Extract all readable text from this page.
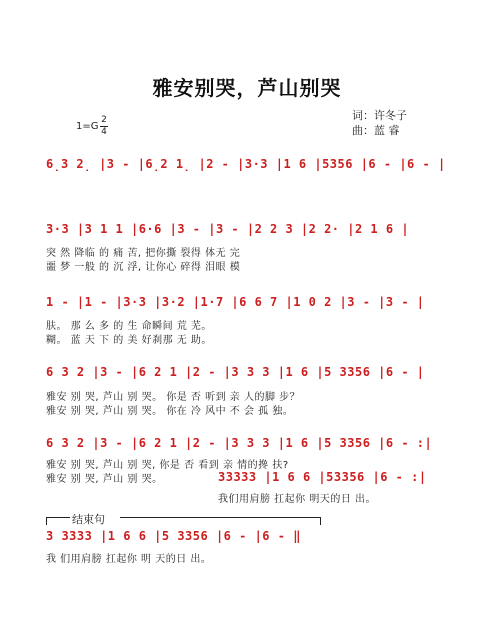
雅安别哭，芦山别哭
词：许冬子
曲：蓝 睿
1=G
2
4
6̣3 2̣ |3 - |6̣2 1̣ |2 - |3·3 |1 6 |5356 |6 - |6 - |
3·3 |3 1 1 |6·6 |3 - |3 - |2 2 3 |2 2· |2 1 6 |
突 然 降临 的 痛 苦, 把你撕 裂得 体无 完
噩 梦 一般 的 沉 浮, 让你心 碎得 泪眼 模
1 - |1 - |3·3 |3·2 |1·7 |6 6 7 |1 0 2 |3 - |3 - |
肤。 那 么 多 的 生 命瞬间 荒 芜。
糊。 蓝 天 下 的 美 好刹那 无 助。
6 3 2 |3 - |6 2 1 |2 - |3 3 3 |1 6 |5 3356 |6 - |
雅安 别 哭, 芦山 别 哭。 你是 否 听到 亲 人的脚 步？
雅安 别 哭, 芦山 别 哭。 你在 冷 风中 不 会 孤 独。
6 3 2 |3 - |6 2 1 |2 - |3 3 3 |1 6 |5 3356 |6 - :|
雅安 别 哭, 芦山 别 哭, 你是 否 看到 亲 情的搀 扶?
雅安 别 哭, 芦山 别 哭。	33333 |1 6 6 |53356 |6 - :|
我们用肩膀 扛起你 明天的日 出。
结束句
3 3333 |1 6 6 |5 3356 |6 - |6 - ‖
我 们用肩膀 扛起你 明 天的日 出。
